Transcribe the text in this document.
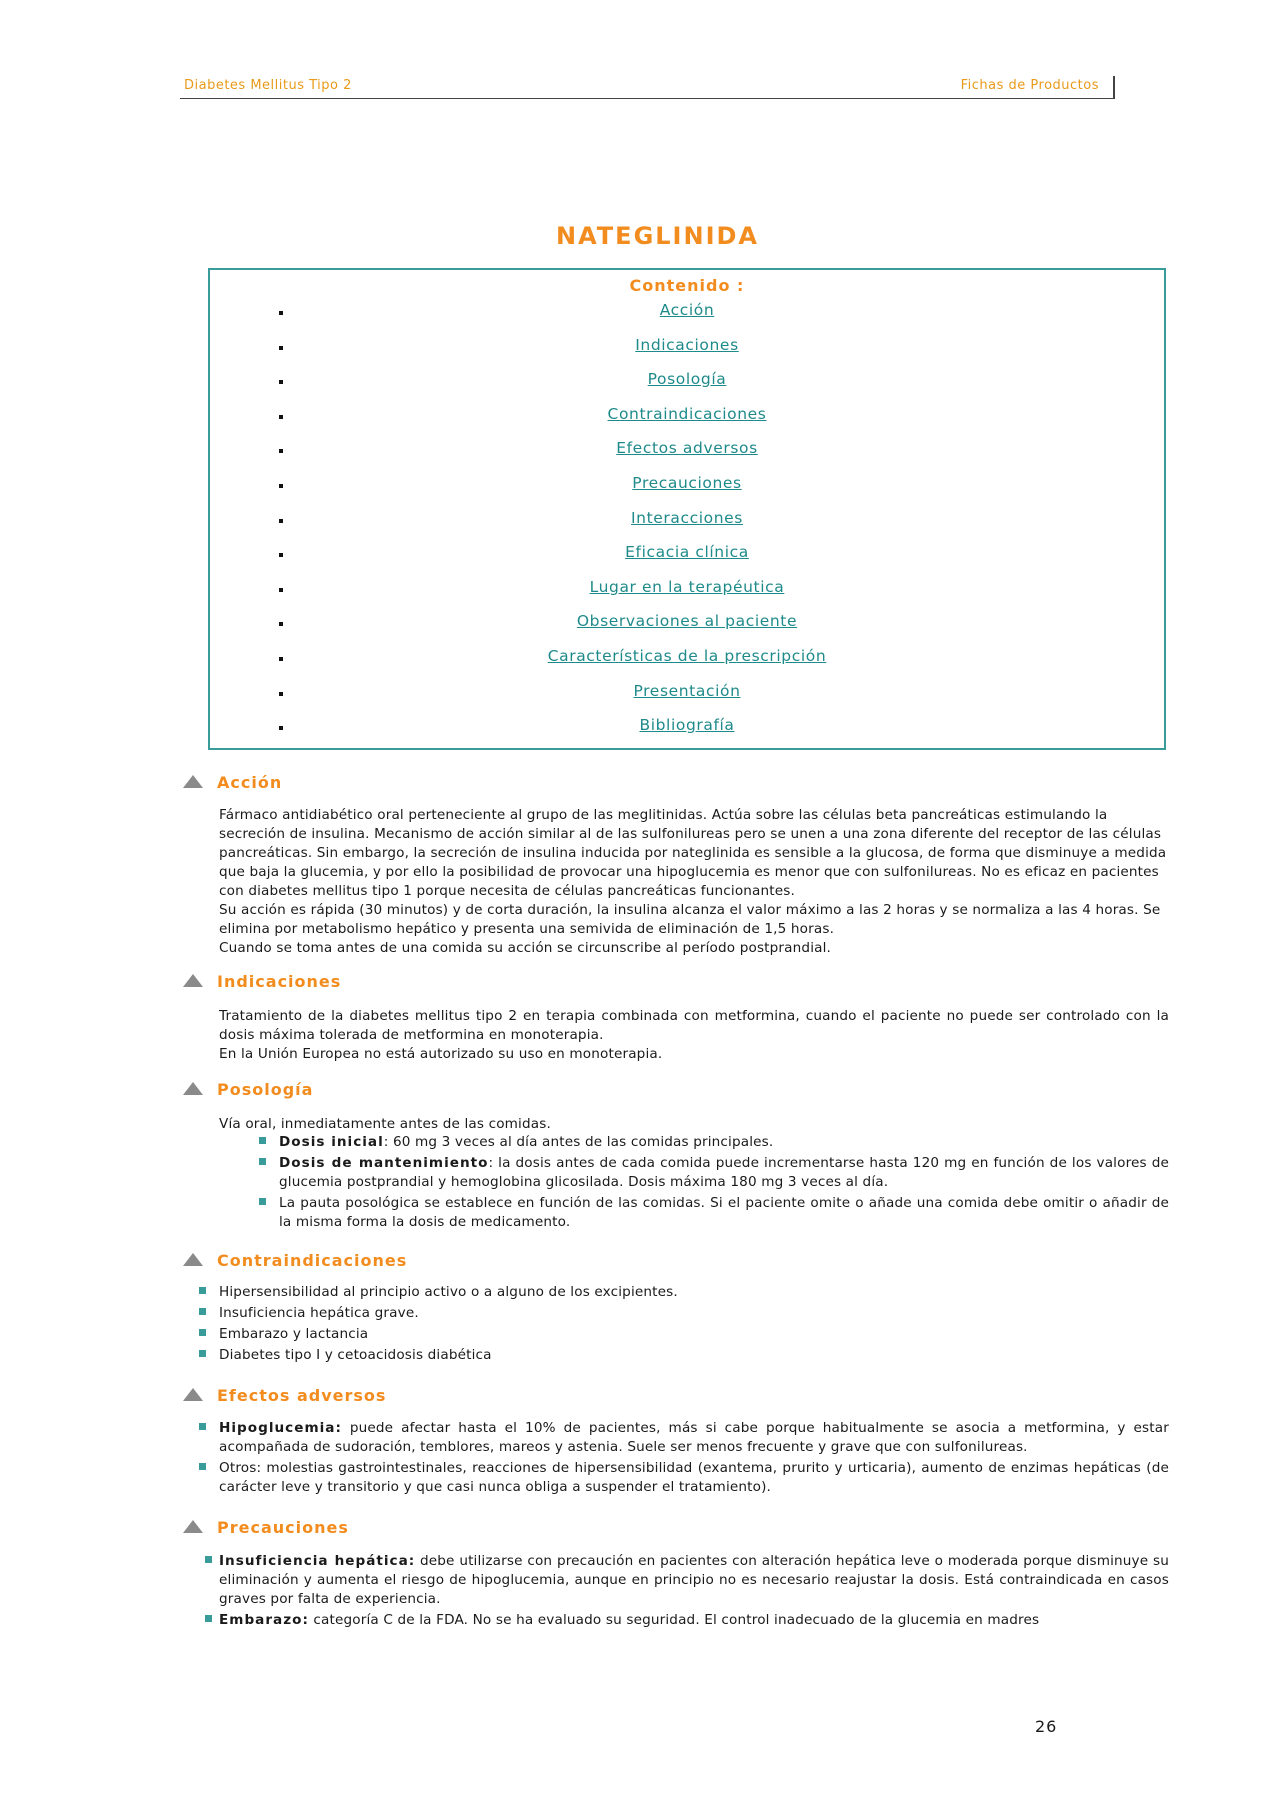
Diabetes Mellitus Tipo 2	Fichas de Productos
NATEGLINIDA
Contenido :
Acción
Indicaciones
Posología
Contraindicaciones
Efectos adversos
Precauciones
Interacciones
Eficacia clínica
Lugar en la terapéutica
Observaciones al paciente
Características de la prescripción
Presentación
Bibliografía
Acción

Fármaco antidiabético oral perteneciente al grupo de las meglitinidas. Actúa sobre las células beta pancreáticas estimulando la secreción de insulina. Mecanismo de acción similar al de las sulfonilureas pero se unen a una zona diferente del receptor de las células pancreáticas. Sin embargo, la secreción de insulina inducida por nateglinida es sensible a la glucosa, de forma que disminuye a medida que baja la glucemia, y por ello la posibilidad de provocar una hipoglucemia es menor que con sulfonilureas. No es eficaz en pacientes con diabetes mellitus tipo 1 porque necesita de células pancreáticas funcionantes.

Su acción es rápida (30 minutos) y de corta duración, la insulina alcanza el valor máximo a las 2 horas y se normaliza a las 4 horas. Se elimina por metabolismo hepático y presenta una semivida de eliminación de 1,5 horas.

Cuando se toma antes de una comida su acción se circunscribe al período postprandial.

Indicaciones

Tratamiento de la diabetes mellitus tipo 2 en terapia combinada con metformina, cuando el paciente no puede ser controlado con la dosis máxima tolerada de metformina en monoterapia.

En la Unión Europea no está autorizado su uso en monoterapia.

Posología

Vía oral, inmediatamente antes de las comidas.

Dosis inicial: 60 mg 3 veces al día antes de las comidas principales.
Dosis de mantenimiento: la dosis antes de cada comida puede incrementarse hasta 120 mg en función de los valores de glucemia postprandial y hemoglobina glicosilada. Dosis máxima 180 mg 3 veces al día.
La pauta posológica se establece en función de las comidas. Si el paciente omite o añade una comida debe omitir o añadir de la misma forma la dosis de medicamento.
Contraindicaciones
Hipersensibilidad al principio activo o a alguno de los excipientes.
Insuficiencia hepática grave.
Embarazo y lactancia
Diabetes tipo I y cetoacidosis diabética
Efectos adversos
Hipoglucemia: puede afectar hasta el 10% de pacientes, más si cabe porque habitualmente se asocia a metformina, y estar acompañada de sudoración, temblores, mareos y astenia. Suele ser menos frecuente y grave que con sulfonilureas.
Otros: molestias gastrointestinales, reacciones de hipersensibilidad (exantema, prurito y urticaria), aumento de enzimas hepáticas (de carácter leve y transitorio y que casi nunca obliga a suspender el tratamiento).
Precauciones
Insuficiencia hepática: debe utilizarse con precaución en pacientes con alteración hepática leve o moderada porque disminuye su eliminación y aumenta el riesgo de hipoglucemia, aunque en principio no es necesario reajustar la dosis. Está contraindicada en casos graves por falta de experiencia.
Embarazo: categoría C de la FDA. No se ha evaluado su seguridad. El control inadecuado de la glucemia en madres
26
